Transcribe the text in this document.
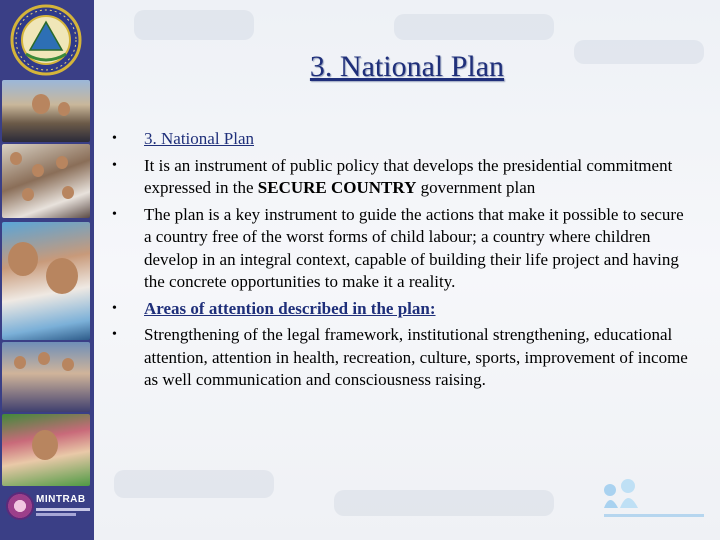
MINTRAB
3. National Plan
• 3. National Plan
• It is an instrument of public policy that develops the presidential commitment expressed in the SECURE COUNTRY government plan
• The plan is a key instrument to guide the actions that make it possible to secure a country free of the worst forms of child labour; a country where children develop in an integral context, capable of building their life project and having the concrete opportunities to make it a reality.
• Areas of attention described in the plan:
• Strengthening of the legal framework, institutional strengthening, educational attention, attention in health, recreation, culture, sports, improvement of income as well communication and consciousness raising.
